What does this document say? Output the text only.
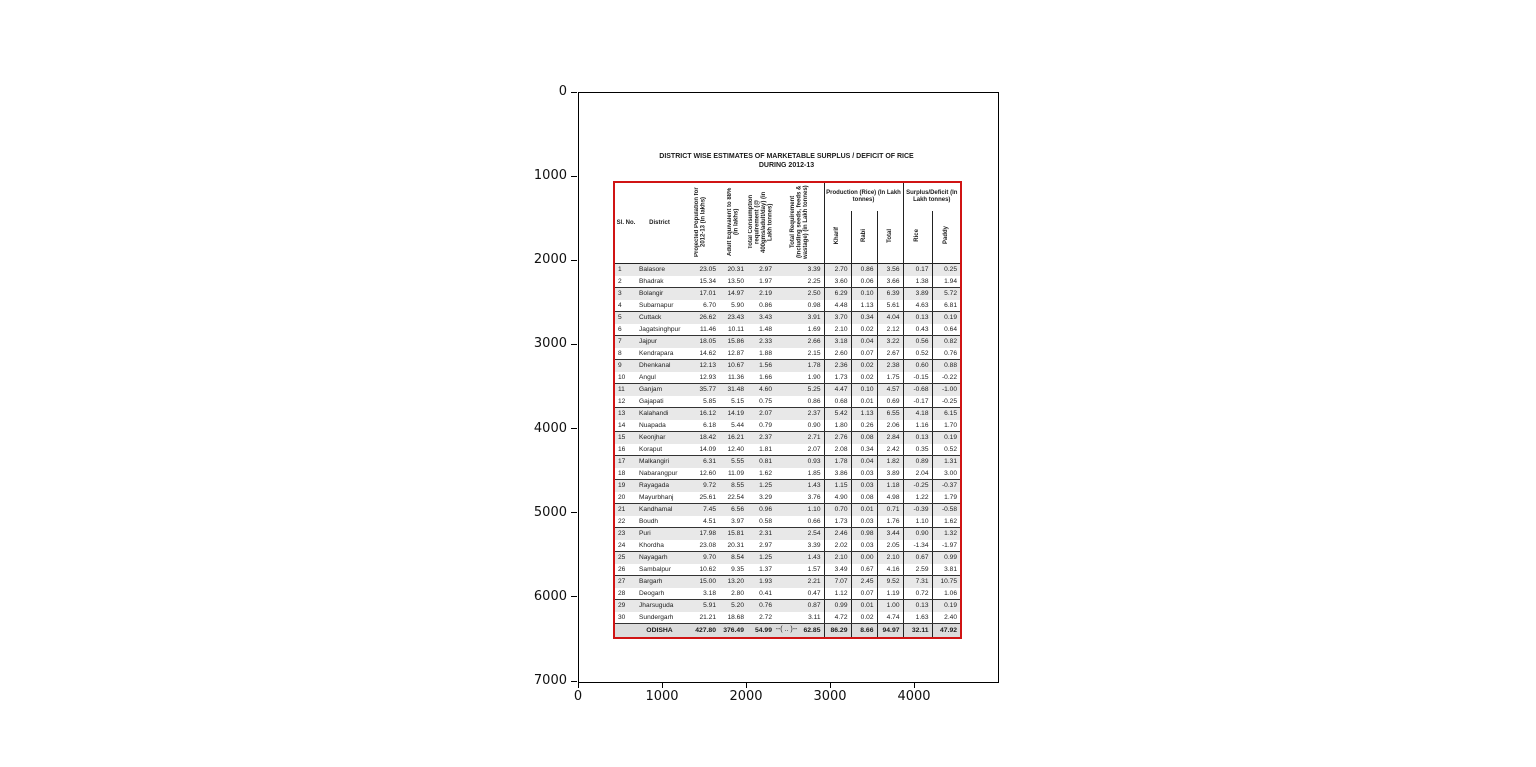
DISTRICT WISE ESTIMATES OF MARKETABLE SURPLUS / DEFICIT OF RICE
DURING 2012-13
Sl. No.	District	Projected Population for 2012-13 (in lakhs)	Adult Equivalent to 88% (in lakhs)	Total Consumption requirement (@ 400gms/adult/day) (in Lakh tonnes)	Total Requirement (including seeds, feeds & wastage) (in Lakh tonnes)	Production (Rice) (In Lakh tonnes)			Surplus/Deficit (In Lakh tonnes)	
						Kharif	Rabi	Total	Rice	Paddy
1	Balasore	23.05	20.31	2.97	3.39	2.70	0.86	3.56	0.17	0.25
2	Bhadrak	15.34	13.50	1.97	2.25	3.60	0.06	3.66	1.38	1.94
3	Bolangir	17.01	14.97	2.19	2.50	6.29	0.10	6.39	3.89	5.72
4	Subarnapur	6.70	5.90	0.86	0.98	4.48	1.13	5.61	4.63	6.81
5	Cuttack	26.62	23.43	3.43	3.91	3.70	0.34	4.04	0.13	0.19
6	Jagatsinghpur	11.46	10.11	1.48	1.69	2.10	0.02	2.12	0.43	0.64
7	Jajpur	18.05	15.86	2.33	2.66	3.18	0.04	3.22	0.56	0.82
8	Kendrapara	14.62	12.87	1.88	2.15	2.60	0.07	2.67	0.52	0.76
9	Dhenkanal	12.13	10.67	1.56	1.78	2.36	0.02	2.38	0.60	0.88
10	Angul	12.93	11.36	1.66	1.90	1.73	0.02	1.75	-0.15	-0.22
11	Ganjam	35.77	31.48	4.60	5.25	4.47	0.10	4.57	-0.68	-1.00
12	Gajapati	5.85	5.15	0.75	0.86	0.68	0.01	0.69	-0.17	-0.25
13	Kalahandi	16.12	14.19	2.07	2.37	5.42	1.13	6.55	4.18	6.15
14	Nuapada	6.18	5.44	0.79	0.90	1.80	0.26	2.06	1.16	1.70
15	Keonjhar	18.42	16.21	2.37	2.71	2.76	0.08	2.84	0.13	0.19
16	Koraput	14.09	12.40	1.81	2.07	2.08	0.34	2.42	0.35	0.52
17	Malkangiri	6.31	5.55	0.81	0.93	1.78	0.04	1.82	0.89	1.31
18	Nabarangpur	12.60	11.09	1.62	1.85	3.86	0.03	3.89	2.04	3.00
19	Rayagada	9.72	8.55	1.25	1.43	1.15	0.03	1.18	-0.25	-0.37
20	Mayurbhanj	25.61	22.54	3.29	3.76	4.90	0.08	4.98	1.22	1.79
21	Kandhamal	7.45	6.56	0.96	1.10	0.70	0.01	0.71	-0.39	-0.58
22	Boudh	4.51	3.97	0.58	0.66	1.73	0.03	1.76	1.10	1.62
23	Puri	17.98	15.81	2.31	2.54	2.46	0.98	3.44	0.90	1.32
24	Khordha	23.08	20.31	2.97	3.39	2.02	0.03	2.05	-1.34	-1.97
25	Nayagarh	9.70	8.54	1.25	1.43	2.10	0.00	2.10	0.67	0.99
26	Sambalpur	10.62	9.35	1.37	1.57	3.49	0.67	4.16	2.59	3.81
27	Bargarh	15.00	13.20	1.93	2.21	7.07	2.45	9.52	7.31	10.75
28	Deogarh	3.18	2.80	0.41	0.47	1.12	0.07	1.19	0.72	1.06
29	Jharsuguda	5.91	5.20	0.76	0.87	0.99	0.01	1.00	0.13	0.19
30	Sundergarh	21.21	18.68	2.72	3.11	4.72	0.02	4.74	1.63	2.40
	ODISHA	427.80	376.49	54.99	62.85	86.29	8.66	94.97	32.11	47.92
--( .. )--
0
1000
2000
3000
4000
5000
6000
7000
0	1000	2000	3000	4000
